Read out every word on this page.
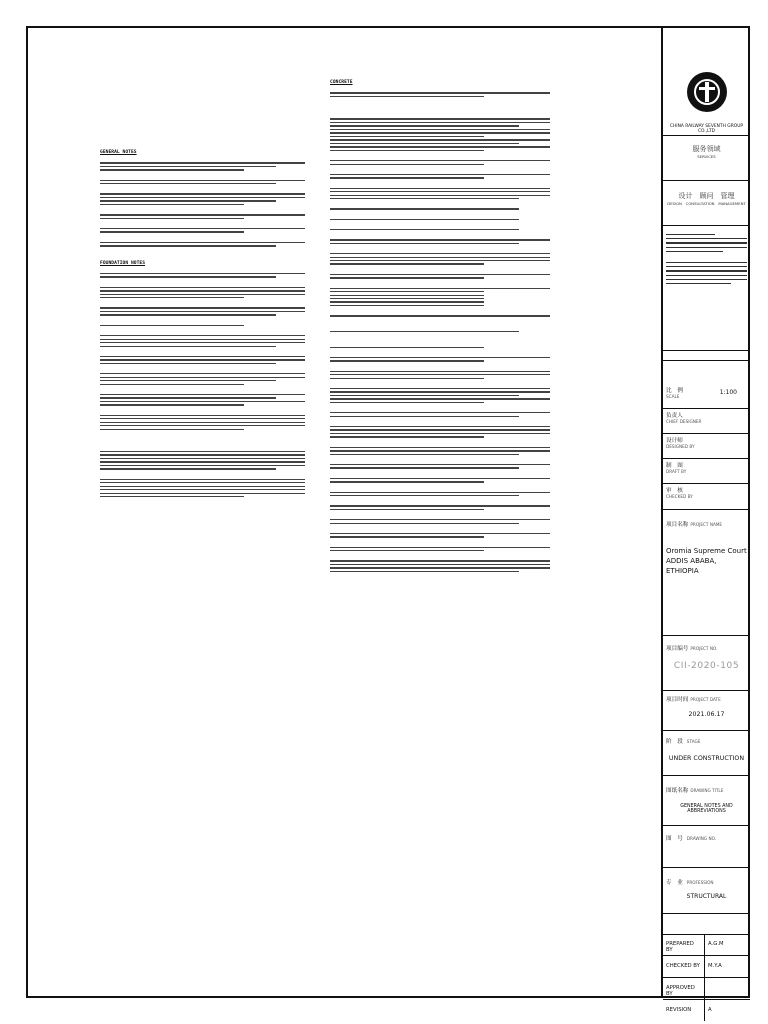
GENERAL NOTES
FOUNDATION NOTES
CONCRETE
CHINA RAILWAY SEVENTH GROUP CO.,LTD
服务领域
SERVICES
设计　顾问　管理
DESIGN　CONSULTATION　MANAGEMENT
比　例
SCALE
1:100
负责人
CHIEF DESIGNER
设计师
DESIGNED BY
制　图
DRAFT BY
审　核
CHECKED BY
项目名称 PROJECT NAME
Oromia Supreme Court
ADDIS ABABA,
ETHIOPIA
项目编号 PROJECT NO.
CII-2020-105
项目时间 PROJECT DATE
2021.06.17
阶　段 STAGE
UNDER CONSTRUCTION
图纸名称 DRAWING TITLE
GENERAL NOTES AND ABBREVIATIONS
图　号 DRAWING NO.
专　业 PROFESSION
STRUCTURAL
PREPARED BY
A.G.M
CHECKED BY	M.Y.A
APPROVED BY
REVISION	A
